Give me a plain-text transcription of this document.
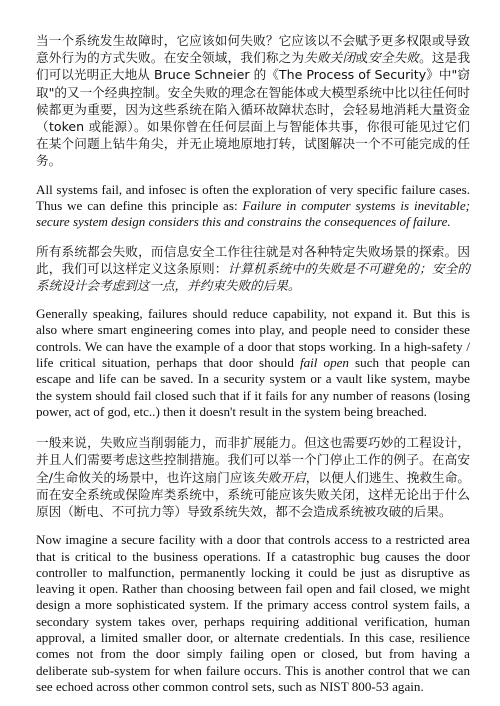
当一个系统发生故障时，它应该如何失败？它应该以不会赋予更多权限或导致意外行为的方式失败。在安全领域，我们称之为失败关闭或安全失败。这是我们可以光明正大地从 Bruce Schneier 的《The Process of Security》中"窃取"的又一个经典控制。安全失败的理念在智能体或大模型系统中比以往任何时候都更为重要，因为这些系统在陷入循环故障状态时，会轻易地消耗大量资金（token 或能源）。如果你曾在任何层面上与智能体共事，你很可能见过它们在某个问题上钻牛角尖，并无止境地原地打转，试图解决一个不可能完成的任务。

All systems fail, and infosec is often the exploration of very specific failure cases. Thus we can define this principle as: Failure in computer systems is inevitable; secure system design considers this and constrains the consequences of failure.

所有系统都会失败，而信息安全工作往往就是对各种特定失败场景的探索。因此，我们可以这样定义这条原则：计算机系统中的失败是不可避免的；安全的系统设计会考虑到这一点，并约束失败的后果。

Generally speaking, failures should reduce capability, not expand it. But this is also where smart engineering comes into play, and people need to consider these controls. We can have the example of a door that stops working. In a high-safety / life critical situation, perhaps that door should fail open such that people can escape and life can be saved. In a security system or a vault like system, maybe the system should fail closed such that if it fails for any number of reasons (losing power, act of god, etc..) then it doesn't result in the system being breached.

一般来说，失败应当削弱能力，而非扩展能力。但这也需要巧妙的工程设计，并且人们需要考虑这些控制措施。我们可以举一个门停止工作的例子。在高安全/生命攸关的场景中，也许这扇门应该失败开启，以便人们逃生、挽救生命。而在安全系统或保险库类系统中，系统可能应该失败关闭，这样无论出于什么原因（断电、不可抗力等）导致系统失效，都不会造成系统被攻破的后果。

Now imagine a secure facility with a door that controls access to a restricted area that is critical to the business operations. If a catastrophic bug causes the door controller to malfunction, permanently locking it could be just as disruptive as leaving it open. Rather than choosing between fail open and fail closed, we might design a more sophisticated system. If the primary access control system fails, a secondary system takes over, perhaps requiring additional verification, human approval, a limited smaller door, or alternate credentials. In this case, resilience comes not from the door simply failing open or closed, but from having a deliberate sub-system for when failure occurs. This is another control that we can see echoed across other common control sets, such as NIST 800-53 again.
